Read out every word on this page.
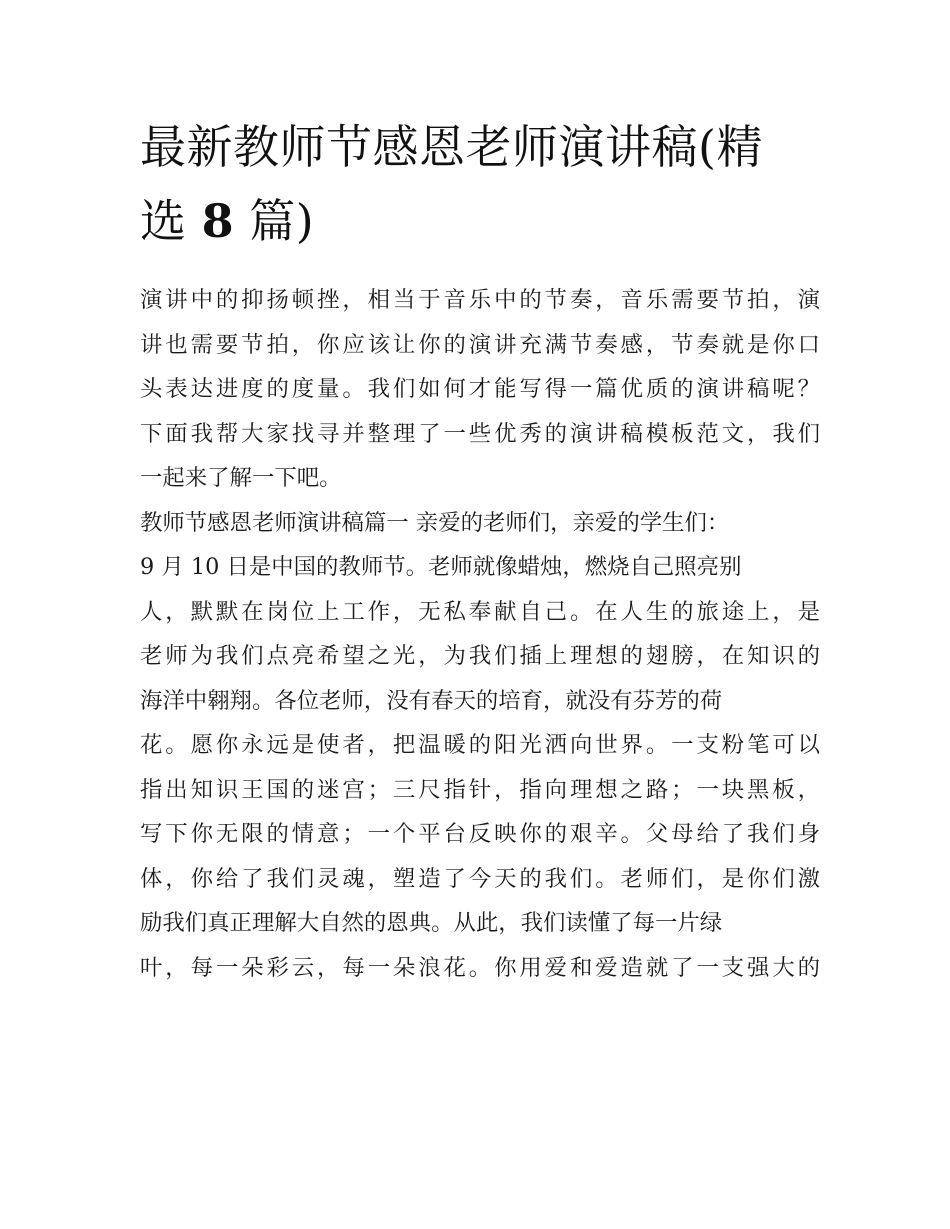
最新教师节感恩老师演讲稿(精
选 8 篇)
演讲中的抑扬顿挫，相当于音乐中的节奏，音乐需要节拍，演
讲也需要节拍，你应该让你的演讲充满节奏感，节奏就是你口
头表达进度的度量。我们如何才能写得一篇优质的演讲稿呢？
下面我帮大家找寻并整理了一些优秀的演讲稿模板范文，我们
一起来了解一下吧。
教师节感恩老师演讲稿篇一 亲爱的老师们，亲爱的学生们：
9 月 10 日是中国的教师节。老师就像蜡烛，燃烧自己照亮别
人，默默在岗位上工作，无私奉献自己。在人生的旅途上，是
老师为我们点亮希望之光，为我们插上理想的翅膀，在知识的
海洋中翱翔。各位老师，没有春天的培育，就没有芬芳的荷
花。愿你永远是使者，把温暖的阳光洒向世界。一支粉笔可以
指出知识王国的迷宫；三尺指针，指向理想之路；一块黑板，
写下你无限的情意；一个平台反映你的艰辛。父母给了我们身
体，你给了我们灵魂，塑造了今天的我们。老师们，是你们激
励我们真正理解大自然的恩典。从此，我们读懂了每一片绿
叶，每一朵彩云，每一朵浪花。你用爱和爱造就了一支强大的
